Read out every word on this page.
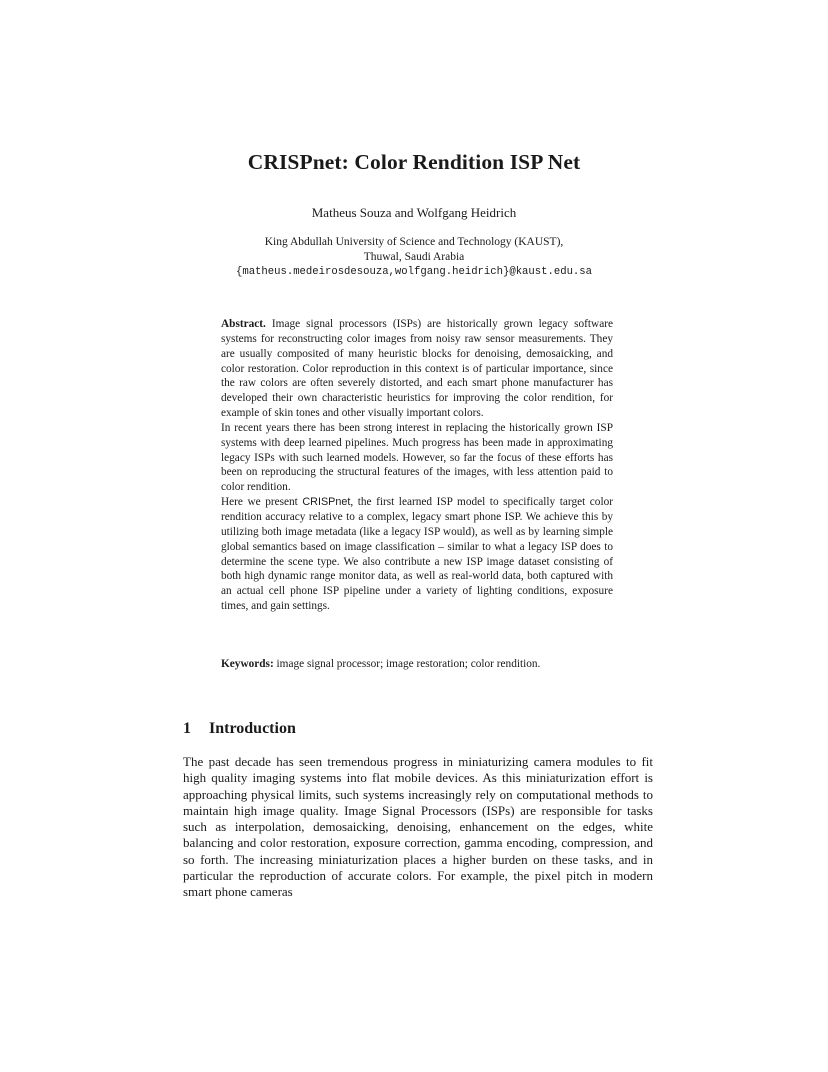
CRISPnet: Color Rendition ISP Net
Matheus Souza and Wolfgang Heidrich
King Abdullah University of Science and Technology (KAUST),
Thuwal, Saudi Arabia
{matheus.medeirosdesouza,wolfgang.heidrich}@kaust.edu.sa

Abstract. Image signal processors (ISPs) are historically grown legacy software systems for reconstructing color images from noisy raw sensor measurements. They are usually composited of many heuristic blocks for denoising, demosaicking, and color restoration. Color reproduction in this context is of particular importance, since the raw colors are often severely distorted, and each smart phone manufacturer has developed their own characteristic heuristics for improving the color rendition, for example of skin tones and other visually important colors.

In recent years there has been strong interest in replacing the historically grown ISP systems with deep learned pipelines. Much progress has been made in approximating legacy ISPs with such learned models. However, so far the focus of these efforts has been on reproducing the structural features of the images, with less attention paid to color rendition.

Here we present CRISPnet, the first learned ISP model to specifically target color rendition accuracy relative to a complex, legacy smart phone ISP. We achieve this by utilizing both image metadata (like a legacy ISP would), as well as by learning simple global semantics based on image classification – similar to what a legacy ISP does to determine the scene type. We also contribute a new ISP image dataset consisting of both high dynamic range monitor data, as well as real-world data, both captured with an actual cell phone ISP pipeline under a variety of lighting conditions, exposure times, and gain settings.

Keywords: image signal processor; image restoration; color rendition.
1 Introduction

The past decade has seen tremendous progress in miniaturizing camera modules to fit high quality imaging systems into flat mobile devices. As this miniaturization effort is approaching physical limits, such systems increasingly rely on computational methods to maintain high image quality. Image Signal Processors (ISPs) are responsible for tasks such as interpolation, demosaicking, denoising, enhancement on the edges, white balancing and color restoration, exposure correction, gamma encoding, compression, and so forth. The increasing miniaturization places a higher burden on these tasks, and in particular the reproduction of accurate colors. For example, the pixel pitch in modern smart phone cameras
